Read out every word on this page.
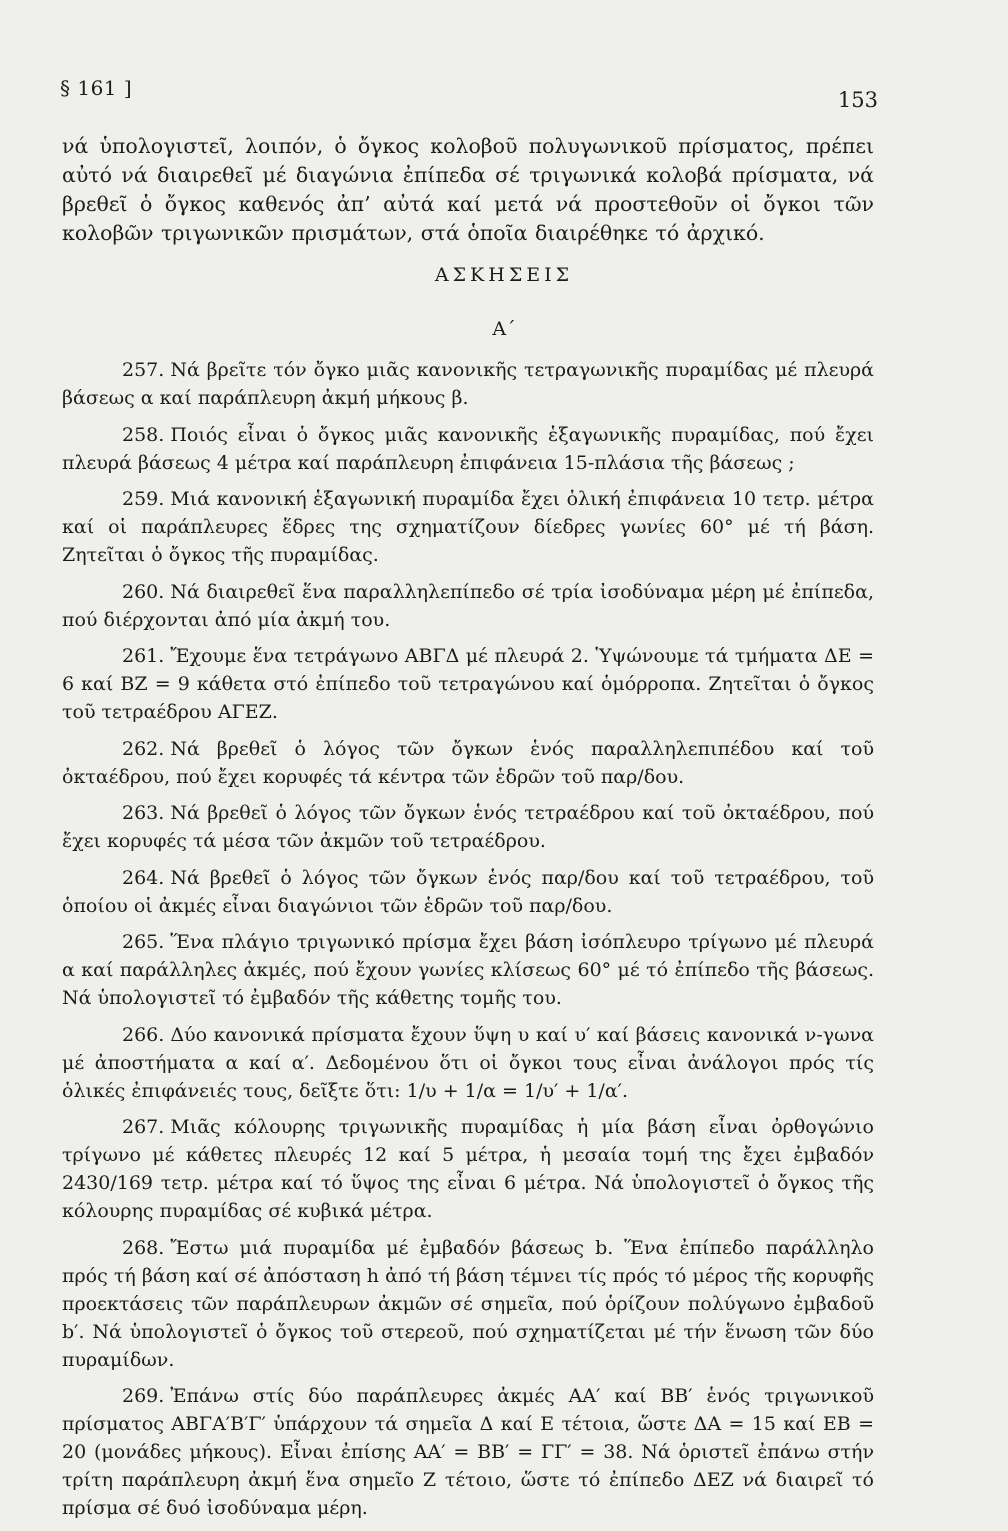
§ 161 ]	153
νά ὑπολογιστεῖ, λοιπόν, ὁ ὄγκος κολοβοῦ πολυγωνικοῦ πρίσματος, πρέπει αὐτό νά διαιρεθεῖ μέ διαγώνια ἐπίπεδα σέ τριγωνικά κολοβά πρίσματα, νά βρεθεῖ ὁ ὄγκος καθενός ἀπ’ αὐτά καί μετά νά προστεθοῦν οἱ ὄγκοι τῶν κολοβῶν τριγωνικῶν πρισμάτων, στά ὁποῖα διαιρέθηκε τό ἀρχικό.
ΑΣΚΗΣΕΙΣ
Α΄

257. Νά βρεῖτε τόν ὄγκο μιᾶς κανονικῆς τετραγωνικῆς πυραμίδας μέ πλευρά βάσεως α καί παράπλευρη ἀκμή μήκους β.

258. Ποιός εἶναι ὁ ὄγκος μιᾶς κανονικῆς ἑξαγωνικῆς πυραμίδας, πού ἔχει πλευρά βάσεως 4 μέτρα καί παράπλευρη ἐπιφάνεια 15-πλάσια τῆς βάσεως ;

259. Μιά κανονική ἑξαγωνική πυραμίδα ἔχει ὁλική ἐπιφάνεια 10 τετρ. μέτρα καί οἱ παράπλευρες ἕδρες της σχηματίζουν δίεδρες γωνίες 60° μέ τή βάση. Ζητεῖται ὁ ὄγκος τῆς πυραμίδας.

260. Νά διαιρεθεῖ ἕνα παραλληλεπίπεδο σέ τρία ἰσοδύναμα μέρη μέ ἐπίπεδα, πού διέρχονται ἀπό μία ἀκμή του.

261. Ἔχουμε ἕνα τετράγωνο ΑΒΓΔ μέ πλευρά 2. Ὑψώνουμε τά τμήματα ΔΕ = 6 καί ΒΖ = 9 κάθετα στό ἐπίπεδο τοῦ τετραγώνου καί ὁμόρροπα. Ζητεῖται ὁ ὄγκος τοῦ τετραέδρου ΑΓΕΖ.

262. Νά βρεθεῖ ὁ λόγος τῶν ὄγκων ἑνός παραλληλεπιπέδου καί τοῦ ὀκταέδρου, πού ἔχει κορυφές τά κέντρα τῶν ἑδρῶν τοῦ παρ/δου.

263. Νά βρεθεῖ ὁ λόγος τῶν ὄγκων ἑνός τετραέδρου καί τοῦ ὀκταέδρου, πού ἔχει κορυφές τά μέσα τῶν ἀκμῶν τοῦ τετραέδρου.

264. Νά βρεθεῖ ὁ λόγος τῶν ὄγκων ἑνός παρ/δου καί τοῦ τετραέδρου, τοῦ ὁποίου οἱ ἀκμές εἶναι διαγώνιοι τῶν ἑδρῶν τοῦ παρ/δου.

265. Ἕνα πλάγιο τριγωνικό πρίσμα ἔχει βάση ἰσόπλευρο τρίγωνο μέ πλευρά α καί παράλληλες ἀκμές, πού ἔχουν γωνίες κλίσεως 60° μέ τό ἐπίπεδο τῆς βάσεως. Νά ὑπολογιστεῖ τό ἐμβαδόν τῆς κάθετης τομῆς του.

266. Δύο κανονικά πρίσματα ἔχουν ὕψη υ καί υ′ καί βάσεις κανονικά ν-γωνα μέ ἀποστήματα α καί α′. Δεδομένου ὅτι οἱ ὄγκοι τους εἶναι ἀνάλογοι πρός τίς ὁλικές ἐπιφάνειές τους, δεῖξτε ὅτι: 1/υ + 1/α = 1/υ′ + 1/α′.

267. Μιᾶς κόλουρης τριγωνικῆς πυραμίδας ἡ μία βάση εἶναι ὀρθογώνιο τρίγωνο μέ κάθετες πλευρές 12 καί 5 μέτρα, ἡ μεσαία τομή της ἔχει ἐμβαδόν 2430/169 τετρ. μέτρα καί τό ὕψος της εἶναι 6 μέτρα. Νά ὑπολογιστεῖ ὁ ὄγκος τῆς κόλουρης πυραμίδας σέ κυβικά μέτρα.

268. Ἔστω μιά πυραμίδα μέ ἐμβαδόν βάσεως b. Ἕνα ἐπίπεδο παράλληλο πρός τή βάση καί σέ ἀπόσταση h ἀπό τή βάση τέμνει τίς πρός τό μέρος τῆς κορυφῆς προεκτάσεις τῶν παράπλευρων ἀκμῶν σέ σημεῖα, πού ὁρίζουν πολύγωνο ἐμβαδοῦ b′. Νά ὑπολογιστεῖ ὁ ὄγκος τοῦ στερεοῦ, πού σχηματίζεται μέ τήν ἕνωση τῶν δύο πυραμίδων.

269. Ἐπάνω στίς δύο παράπλευρες ἀκμές ΑΑ′ καί ΒΒ′ ἑνός τριγωνικοῦ πρίσματος ΑΒΓΑ′Β′Γ′ ὑπάρχουν τά σημεῖα Δ καί Ε τέτοια, ὥστε ΔΑ = 15 καί ΕΒ = 20 (μονάδες μήκους). Εἶναι ἐπίσης ΑΑ′ = ΒΒ′ = ΓΓ′ = 38. Νά ὁριστεῖ ἐπάνω στήν τρίτη παράπλευρη ἀκμή ἕνα σημεῖο Ζ τέτοιο, ὥστε τό ἐπίπεδο ΔΕΖ νά διαιρεῖ τό πρίσμα σέ δυό ἰσοδύναμα μέρη.
